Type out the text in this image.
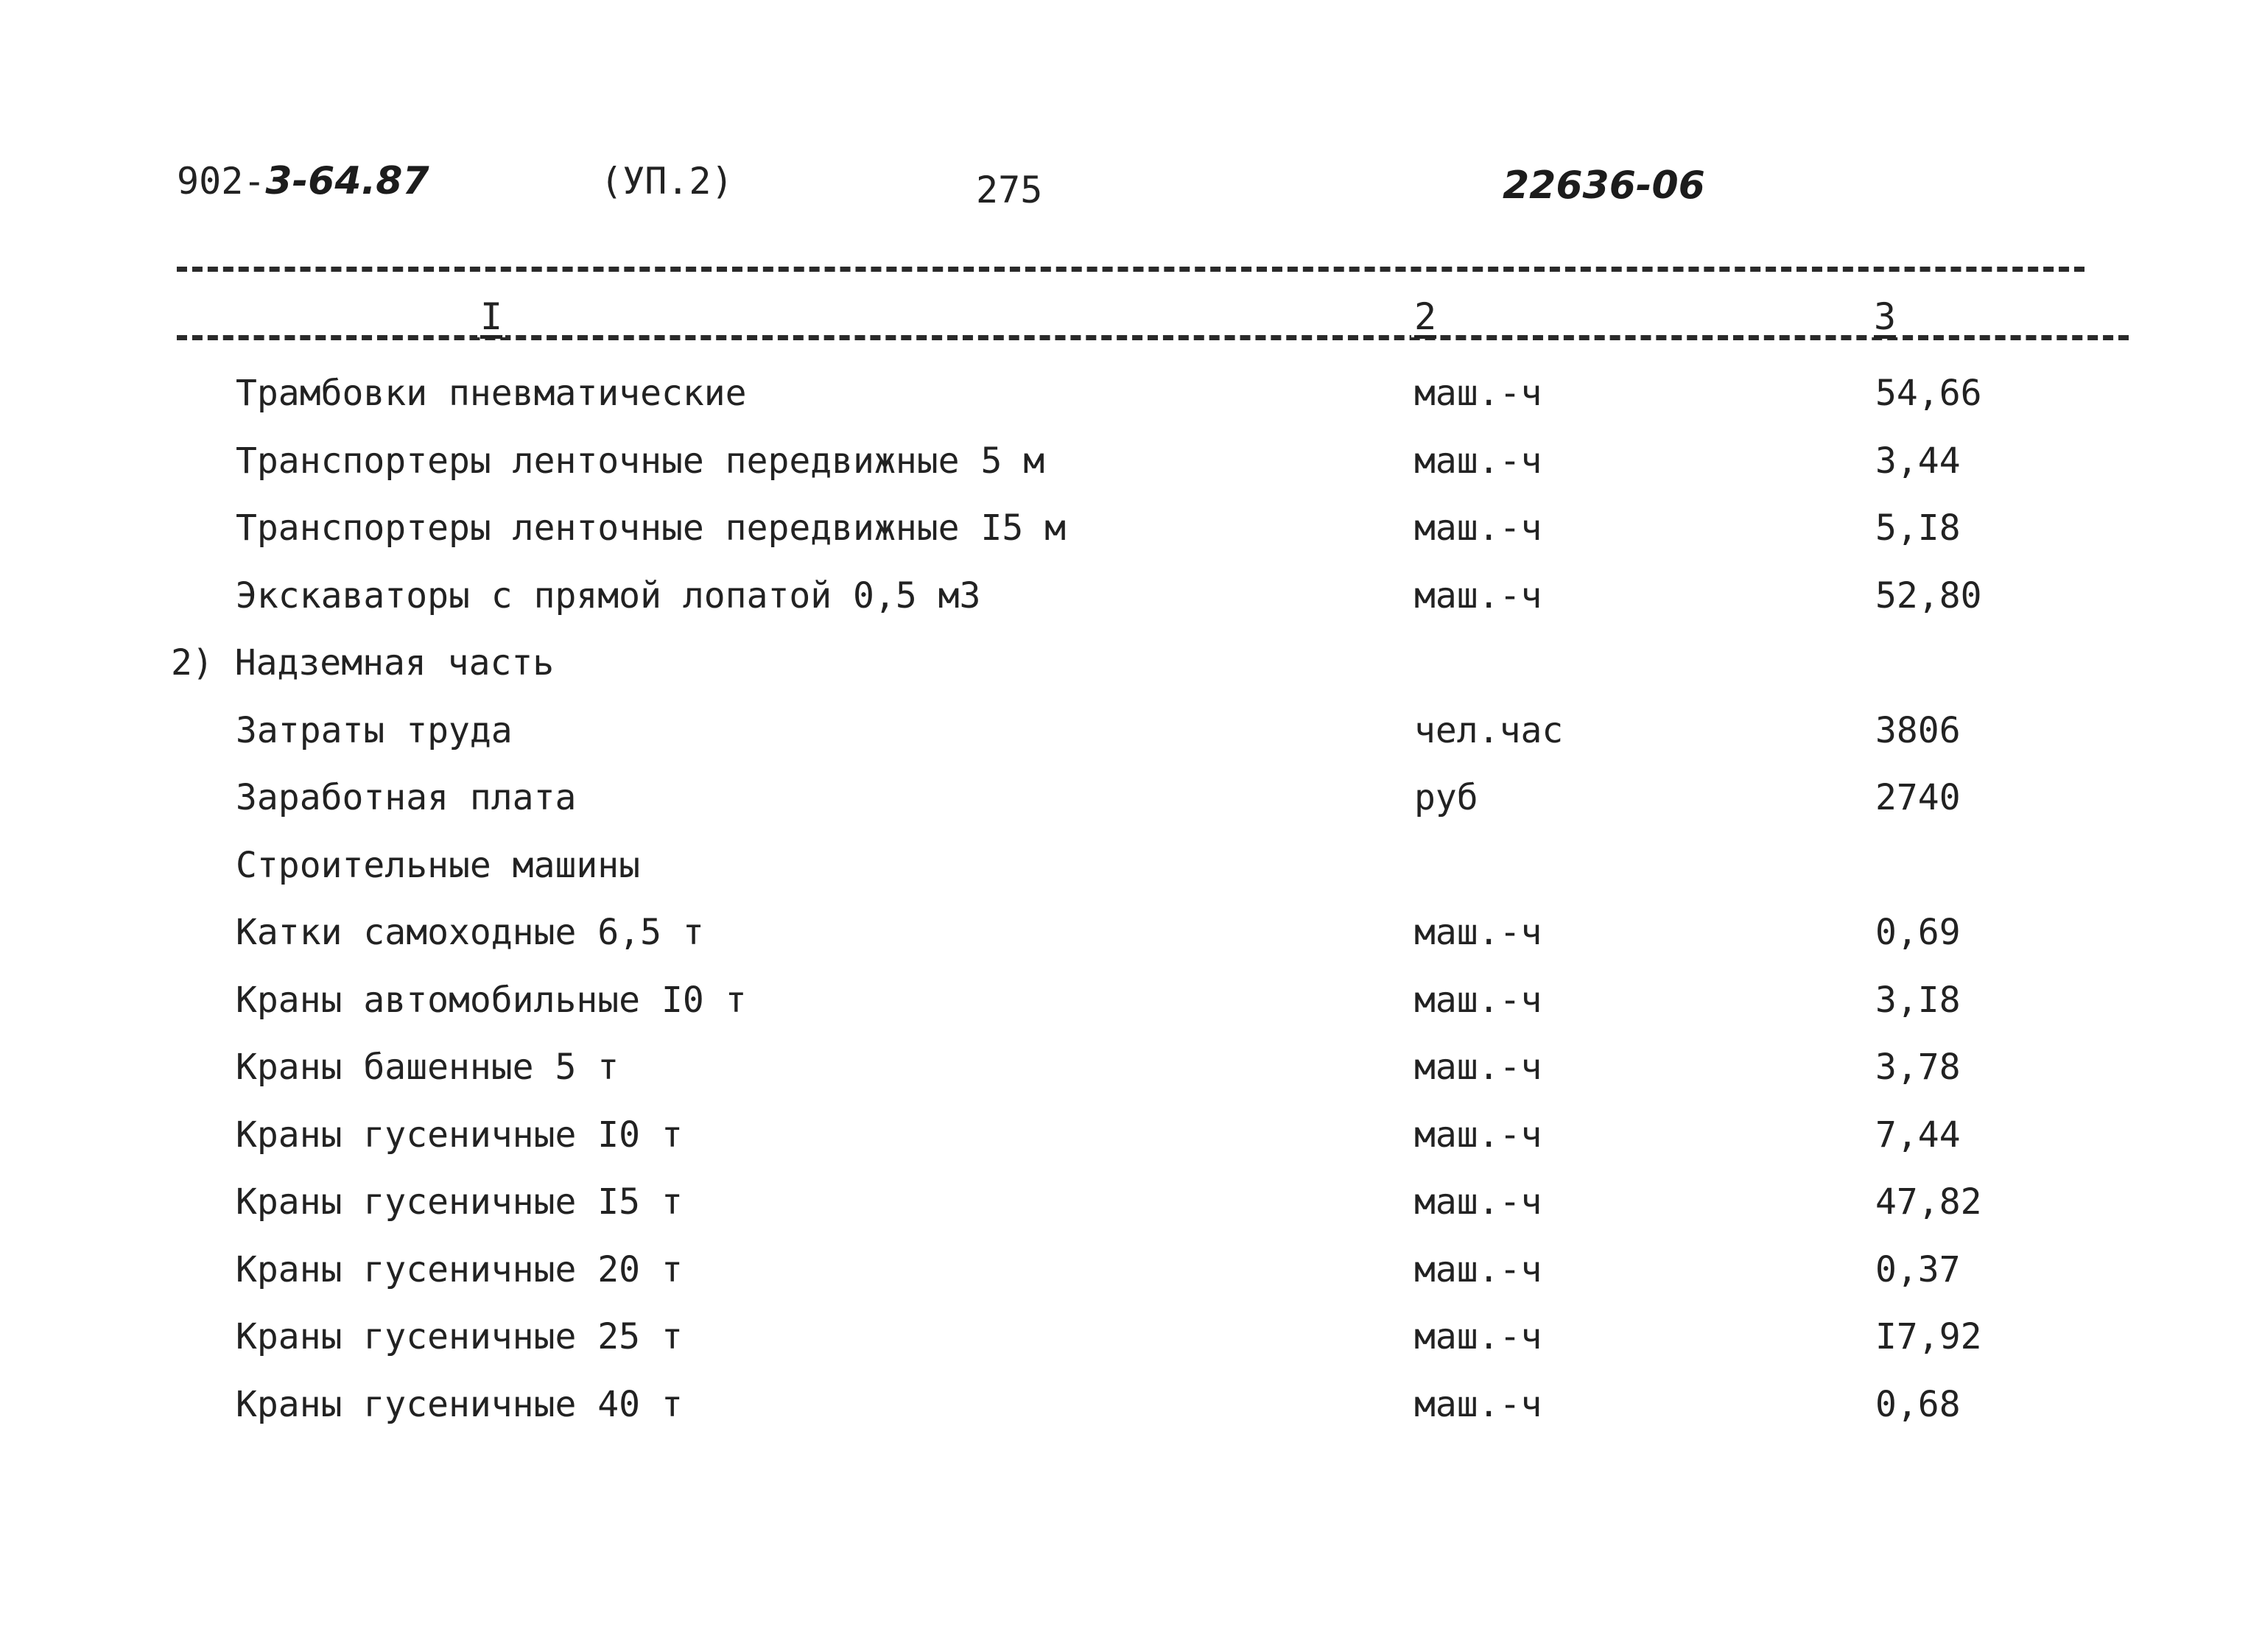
902-3-64.87	(УП.2)	275	22636-06
I	2	3
Трамбовки пневматические	маш.-ч	54,66
Транспортеры ленточные передвижные 5 м	маш.-ч	3,44
Транспортеры ленточные передвижные I5 м	маш.-ч	5,I8
Экскаваторы с прямой лопатой 0,5 м3	маш.-ч	52,80
2) Надземная часть
Затраты труда	чел.час	3806
Заработная плата	руб	2740
Строительные машины
Катки самоходные 6,5 т	маш.-ч	0,69
Краны автомобильные I0 т	маш.-ч	3,I8
Краны башенные 5 т	маш.-ч	3,78
Краны гусеничные I0 т	маш.-ч	7,44
Краны гусеничные I5 т	маш.-ч	47,82
Краны гусеничные 20 т	маш.-ч	0,37
Краны гусеничные 25 т	маш.-ч	I7,92
Краны гусеничные 40 т	маш.-ч	0,68
